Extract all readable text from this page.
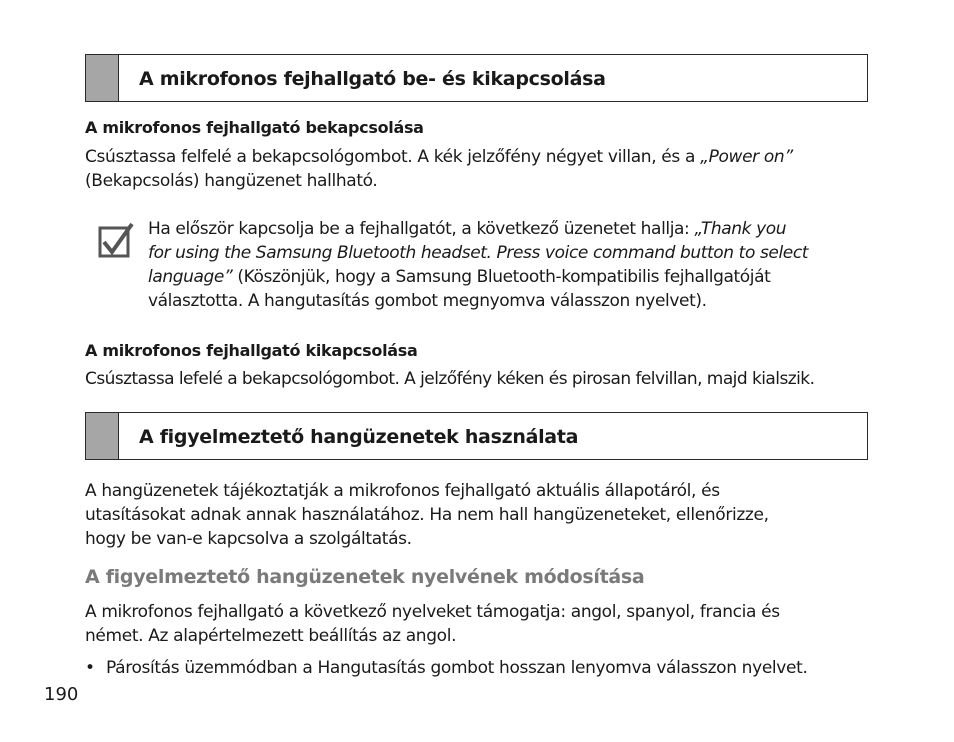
A mikrofonos fejhallgató be- és kikapcsolása
A mikrofonos fejhallgató bekapcsolása
Csúsztassa felfelé a bekapcsológombot. A kék jelzőfény négyet villan, és a „Power on”
(Bekapcsolás) hangüzenet hallható.
Ha először kapcsolja be a fejhallgatót, a következő üzenetet hallja: „Thank you
for using the Samsung Bluetooth headset. Press voice command button to select
language” (Köszönjük, hogy a Samsung Bluetooth-kompatibilis fejhallgatóját
választotta. A hangutasítás gombot megnyomva válasszon nyelvet).
A mikrofonos fejhallgató kikapcsolása
Csúsztassa lefelé a bekapcsológombot. A jelzőfény kéken és pirosan felvillan, majd kialszik.
A figyelmeztető hangüzenetek használata
A hangüzenetek tájékoztatják a mikrofonos fejhallgató aktuális állapotáról, és
utasításokat adnak annak használatához. Ha nem hall hangüzeneteket, ellenőrizze,
hogy be van-e kapcsolva a szolgáltatás.
A figyelmeztető hangüzenetek nyelvének módosítása
A mikrofonos fejhallgató a következő nyelveket támogatja: angol, spanyol, francia és
német. Az alapértelmezett beállítás az angol.
• Párosítás üzemmódban a Hangutasítás gombot hosszan lenyomva válasszon nyelvet.
190
